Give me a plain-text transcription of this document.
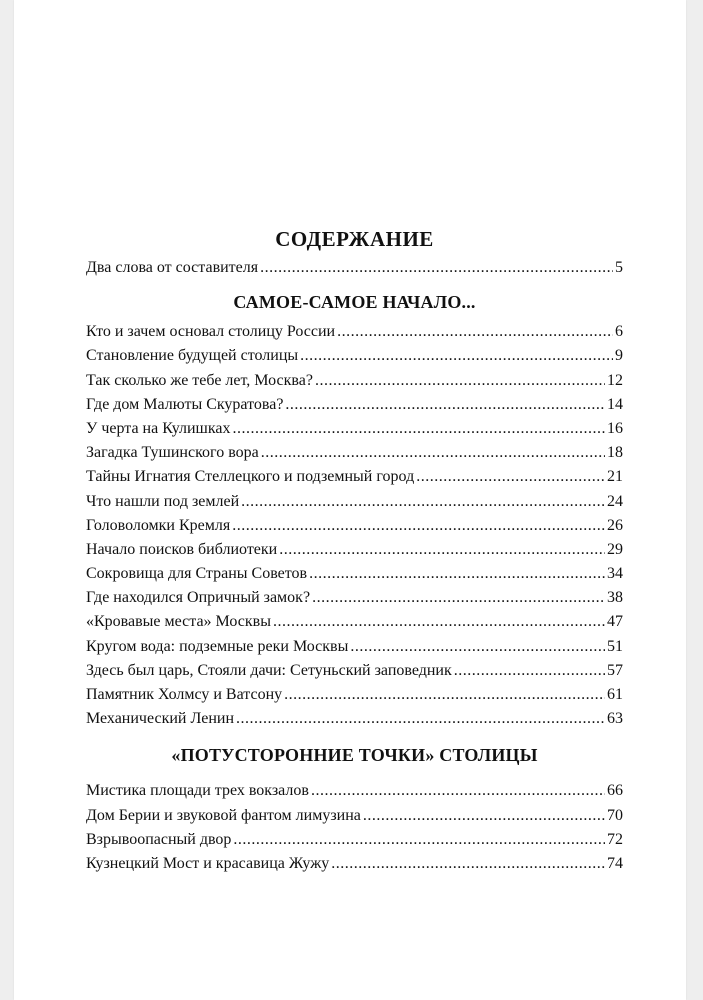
СОДЕРЖАНИЕ
Два слова от составителя .....	5
САМОЕ-САМОЕ НАЧАЛО...
Кто и зачем основал столицу России .....	6
Становление будущей столицы .....	9
Так сколько же тебе лет, Москва? .....	12
Где дом Малюты Скуратова? .....	14
У черта на Кулишках .....	16
Загадка Тушинского вора .....	18
Тайны Игнатия Стеллецкого и подземный город .....	21
Что нашли под землей .....	24
Головоломки Кремля .....	26
Начало поисков библиотеки .....	29
Сокровища для Страны Советов .....	34
Где находился Опричный замок? .....	38
«Кровавые места» Москвы .....	47
Кругом вода: подземные реки Москвы .....	51
Здесь был царь, Стояли дачи: Сетуньский заповедник .....	57
Памятник Холмсу и Ватсону .....	61
Механический Ленин .....	63
«ПОТУСТОРОННИЕ ТОЧКИ» СТОЛИЦЫ
Мистика площади трех вокзалов .....	66
Дом Берии и звуковой фантом лимузина .....	70
Взрывоопасный двор .....	72
Кузнецкий Мост и красавица Жужу .....	74
